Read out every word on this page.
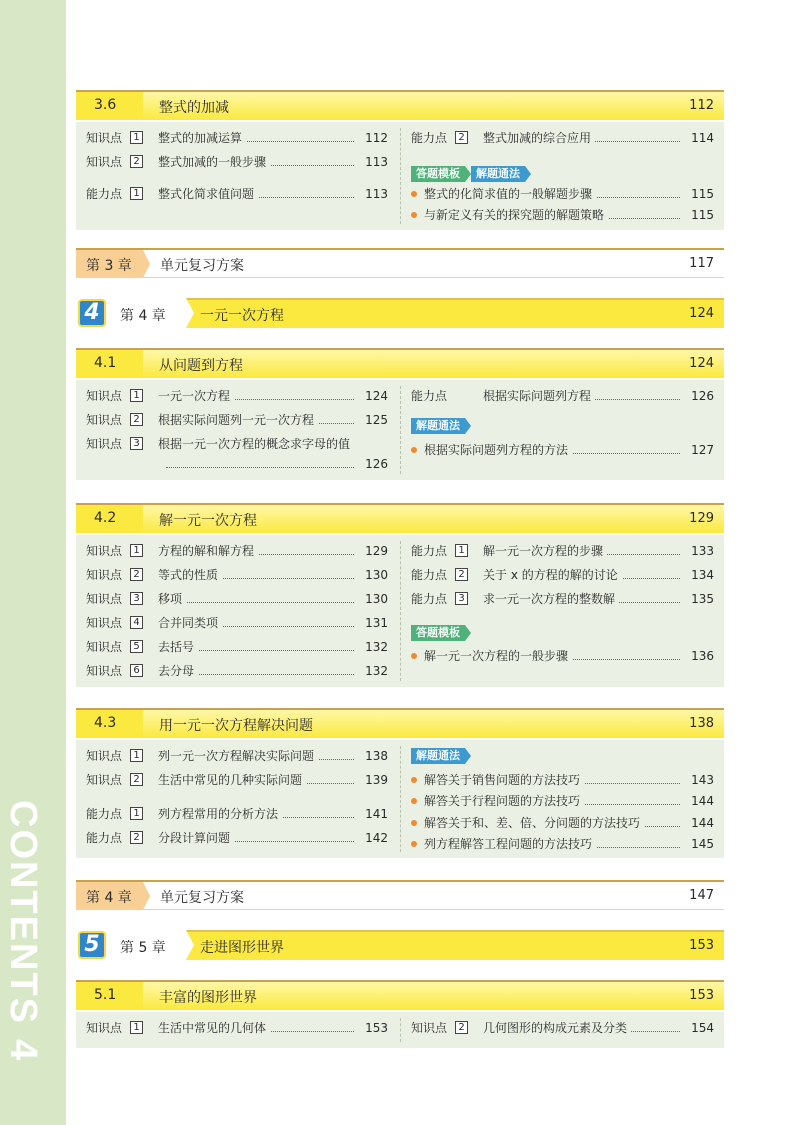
CONTENTS4
3.6	整式的加减	112
知识点	1 整式的加减运算	112
知识点	2 整式加减的一般步骤	113
能力点	1 整式化简求值问题	113
能力点	2 整式加减的综合应用	114
答题模板 解题通法
整式的化简求值的一般解题步骤	115
与新定义有关的探究题的解题策略	115
第 3 章 单元复习方案	117
4	第 4 章 一元一次方程	124
4.1	从问题到方程	124
知识点	1 一元一次方程	124
知识点	2 根据实际问题列一元一次方程	125
知识点	3 根据一元一次方程的概念求字母的值
126
能力点	根据实际问题列方程	126
解题通法
根据实际问题列方程的方法	127
4.2	解一元一次方程	129
知识点	1 方程的解和解方程	129
知识点	2 等式的性质	130
知识点	3 移项	130
知识点	4 合并同类项	131
知识点	5 去括号	132
知识点	6 去分母	132
能力点	1 解一元一次方程的步骤	133
能力点	2 关于 x 的方程的解的讨论	134
能力点	3 求一元一次方程的整数解	135
答题模板
解一元一次方程的一般步骤	136
4.3	用一元一次方程解决问题	138
知识点	1 列一元一次方程解决实际问题	138
知识点	2 生活中常见的几种实际问题	139
能力点	1 列方程常用的分析方法	141
能力点	2 分段计算问题	142
解题通法
解答关于销售问题的方法技巧	143
解答关于行程问题的方法技巧	144
解答关于和、差、倍、分问题的方法技巧	144
列方程解答工程问题的方法技巧	145
第 4 章 单元复习方案	147
5	第 5 章 走进图形世界	153
5.1	丰富的图形世界	153
知识点	1 生活中常见的几何体	153 知识点	2 几何图形的构成元素及分类	154
